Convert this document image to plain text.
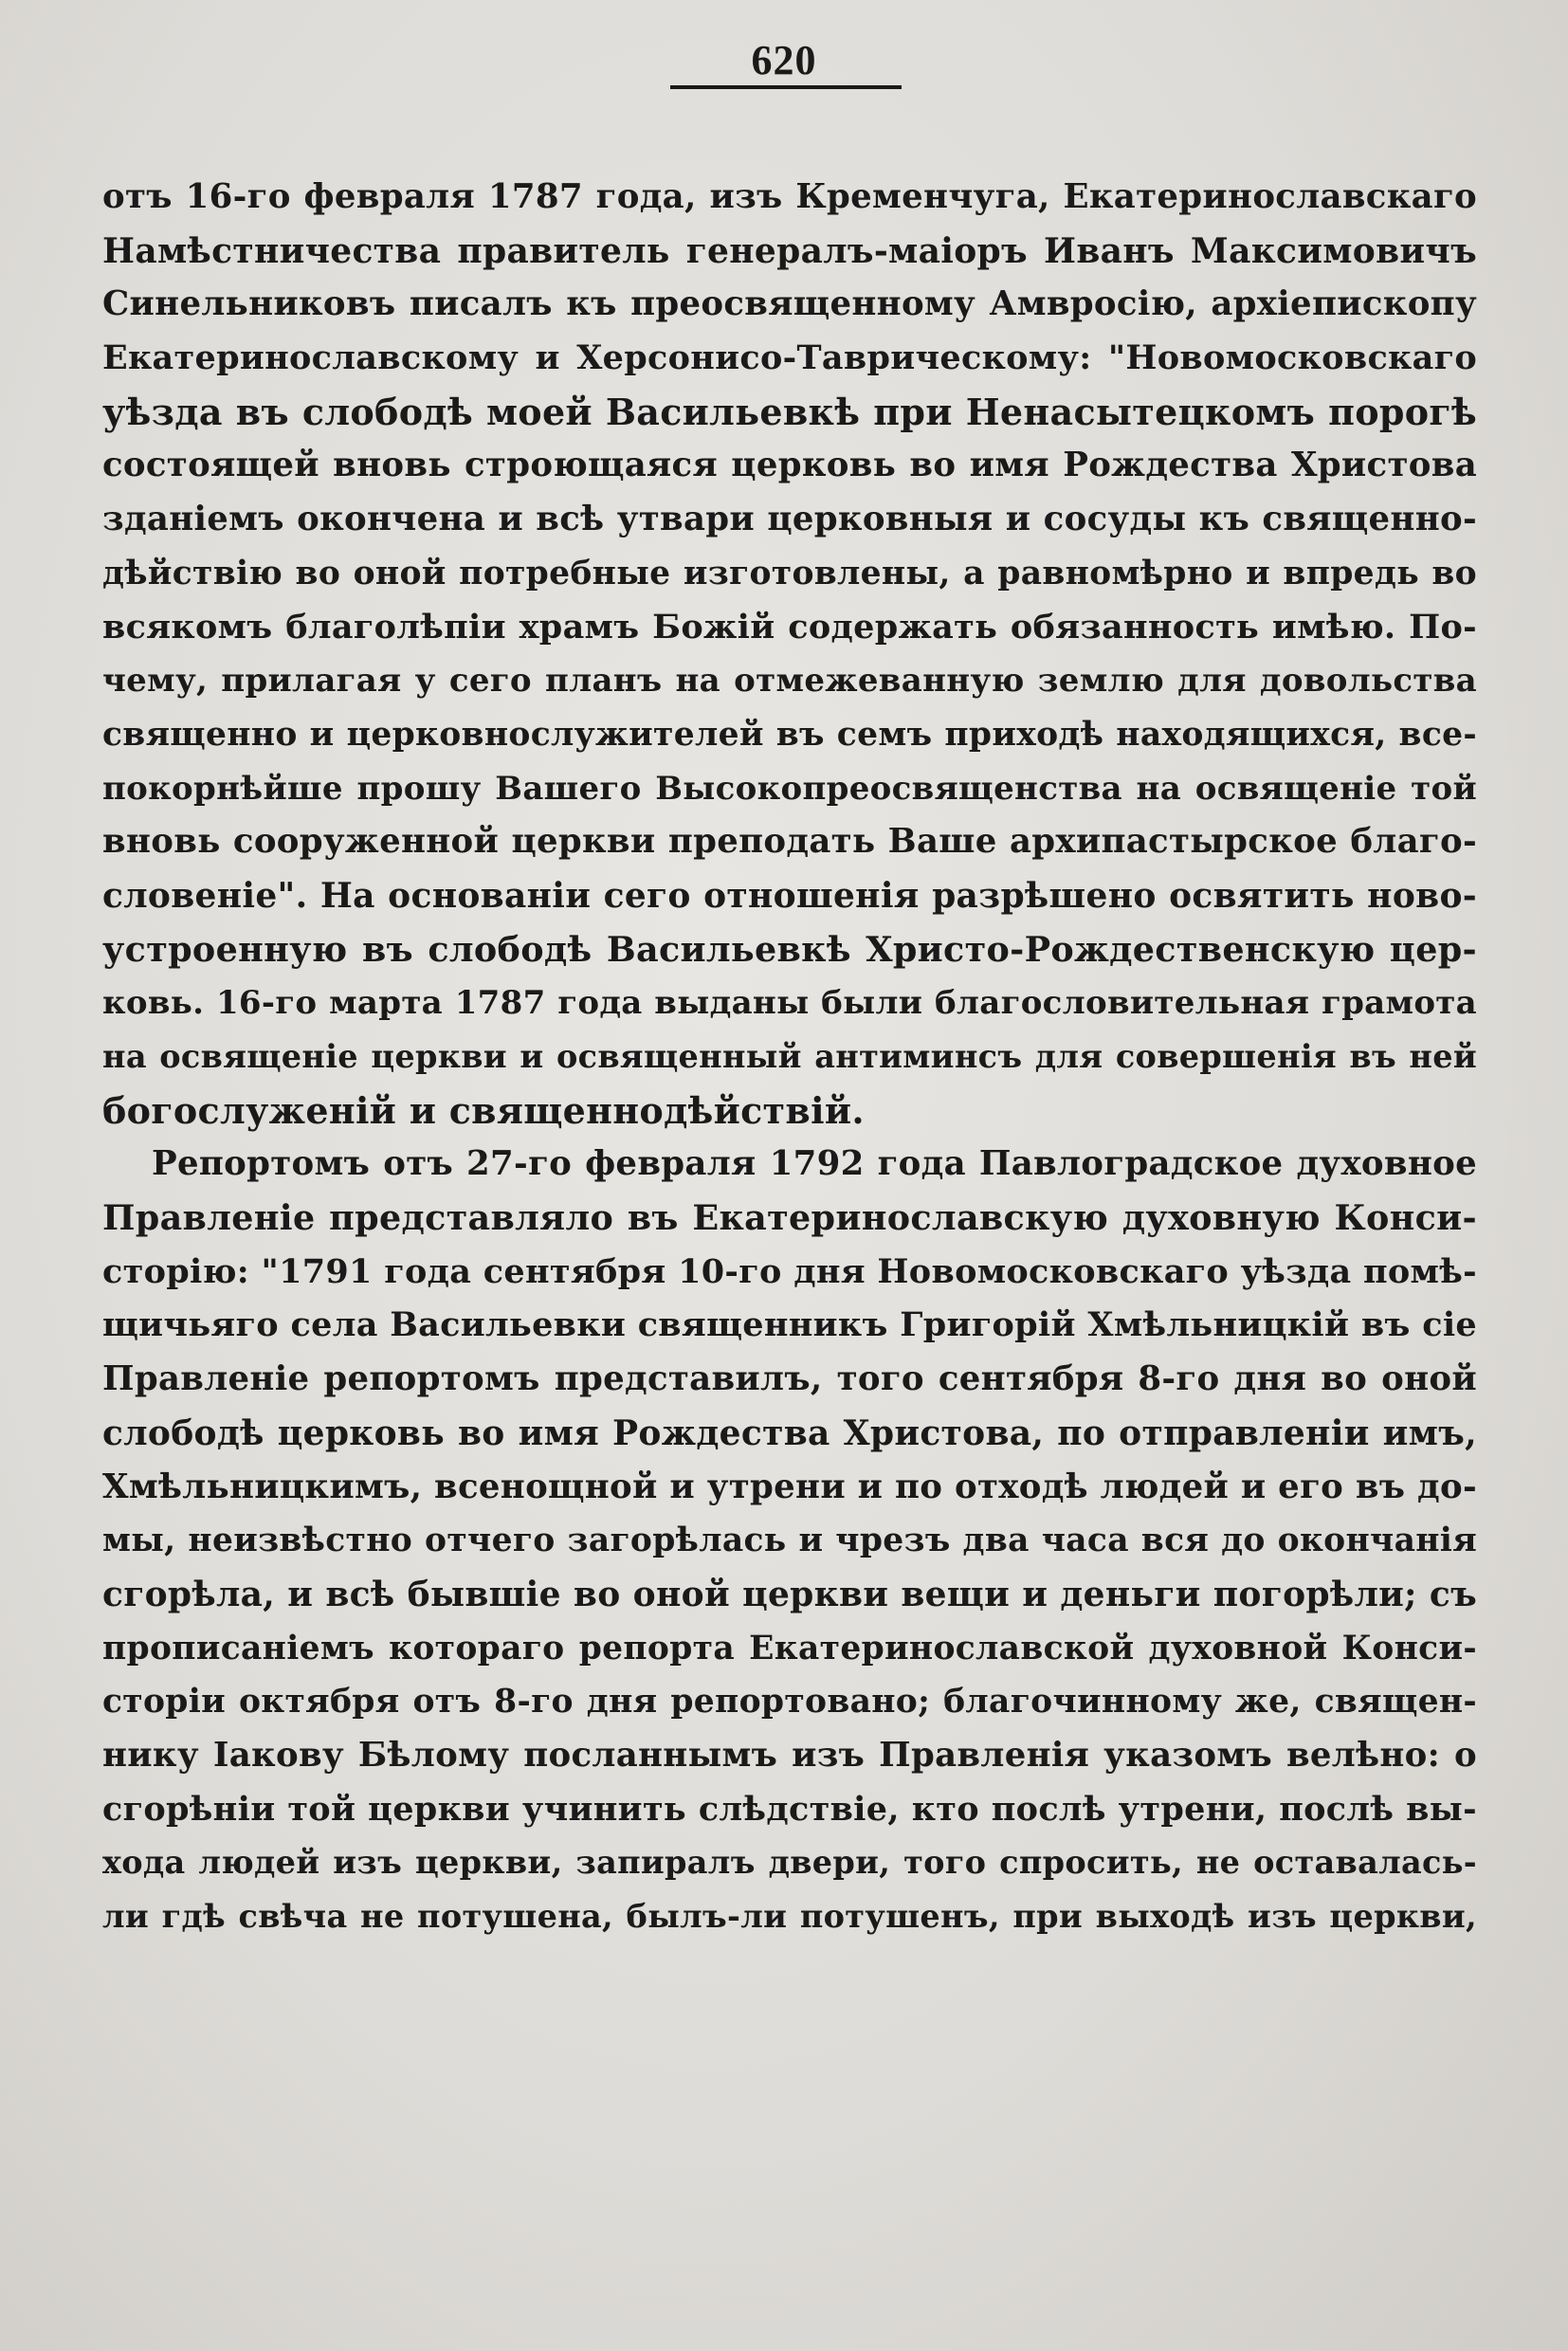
620
отъ 16-го февраля 1787 года, изъ Кременчуга, Екатеринославскаго
Намѣстничества правитель генералъ-маіоръ Иванъ Максимовичъ
Синельниковъ писалъ къ преосвященному Амвросію, архіепископу
Екатеринославскому и Херсонисо-Таврическому: "Новомосковскаго
уѣзда въ слободѣ моей Васильевкѣ при Ненасытецкомъ порогѣ
состоящей вновь строющаяся церковь во имя Рождества Христова
зданіемъ окончена и всѣ утвари церковныя и сосуды къ священно-
дѣйствію во оной потребные изготовлены, а равномѣрно и впредь во
всякомъ благолѣпіи храмъ Божій содержать обязанность имѣю. По-
чему, прилагая у сего планъ на отмежеванную землю для довольства
священно и церковнослужителей въ семъ приходѣ находящихся, все-
покорнѣйше прошу Вашего Высокопреосвященства на освященіе той
вновь сооруженной церкви преподать Ваше архипастырское благо-
словеніе". На основаніи сего отношенія разрѣшено освятить ново-
устроенную въ слободѣ Васильевкѣ Христо-Рождественскую цер-
ковь. 16-го марта 1787 года выданы были благословительная грамота
на освященіе церкви и освященный антиминсъ для совершенія въ ней
богослуженій и священнодѣйствій.
Репортомъ отъ 27-го февраля 1792 года Павлоградское духовное
Правленіе представляло въ Екатеринославскую духовную Конси-
сторію: "1791 года сентября 10-го дня Новомосковскаго уѣзда помѣ-
щичьяго села Васильевки священникъ Григорій Хмѣльницкій въ сіе
Правленіе репортомъ представилъ, того сентября 8-го дня во оной
слободѣ церковь во имя Рождества Христова, по отправленіи имъ,
Хмѣльницкимъ, всенощной и утрени и по отходѣ людей и его въ до-
мы, неизвѣстно отчего загорѣлась и чрезъ два часа вся до окончанія
сгорѣла, и всѣ бывшіе во оной церкви вещи и деньги погорѣли; съ
прописаніемъ котораго репорта Екатеринославской духовной Конси-
сторіи октября отъ 8-го дня репортовано; благочинному же, священ-
нику Іакову Бѣлому посланнымъ изъ Правленія указомъ велѣно: о
сгорѣніи той церкви учинить слѣдствіе, кто послѣ утрени, послѣ вы-
хода людей изъ церкви, запиралъ двери, того спросить, не оставалась-
ли гдѣ свѣча не потушена, былъ-ли потушенъ, при выходѣ изъ церкви,
